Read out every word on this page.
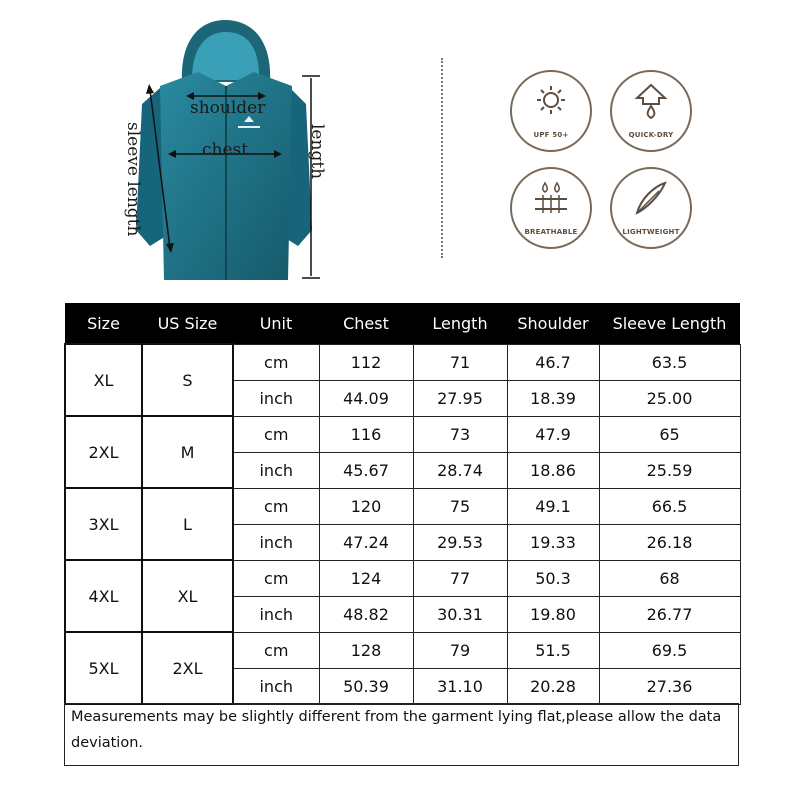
shoulder
chest	length
sleeve length	UPF 50+	QUICK-DRY
BREATHABLE	LIGHTWEIGHT
Size	US Size	Unit	Chest	Length	Shoulder	Sleeve Length
XL	S	cm	112	71	46.7	63.5
		inch	44.09	27.95	18.39	25.00
2XL	M	cm	116	73	47.9	65
		inch	45.67	28.74	18.86	25.59
3XL	L	cm	120	75	49.1	66.5
		inch	47.24	29.53	19.33	26.18
4XL	XL	cm	124	77	50.3	68
		inch	48.82	30.31	19.80	26.77
5XL	2XL	cm	128	79	51.5	69.5
		inch	50.39	31.10	20.28	27.36
Measurements may be slightly different from the garment lying flat,please allow the data deviation.
